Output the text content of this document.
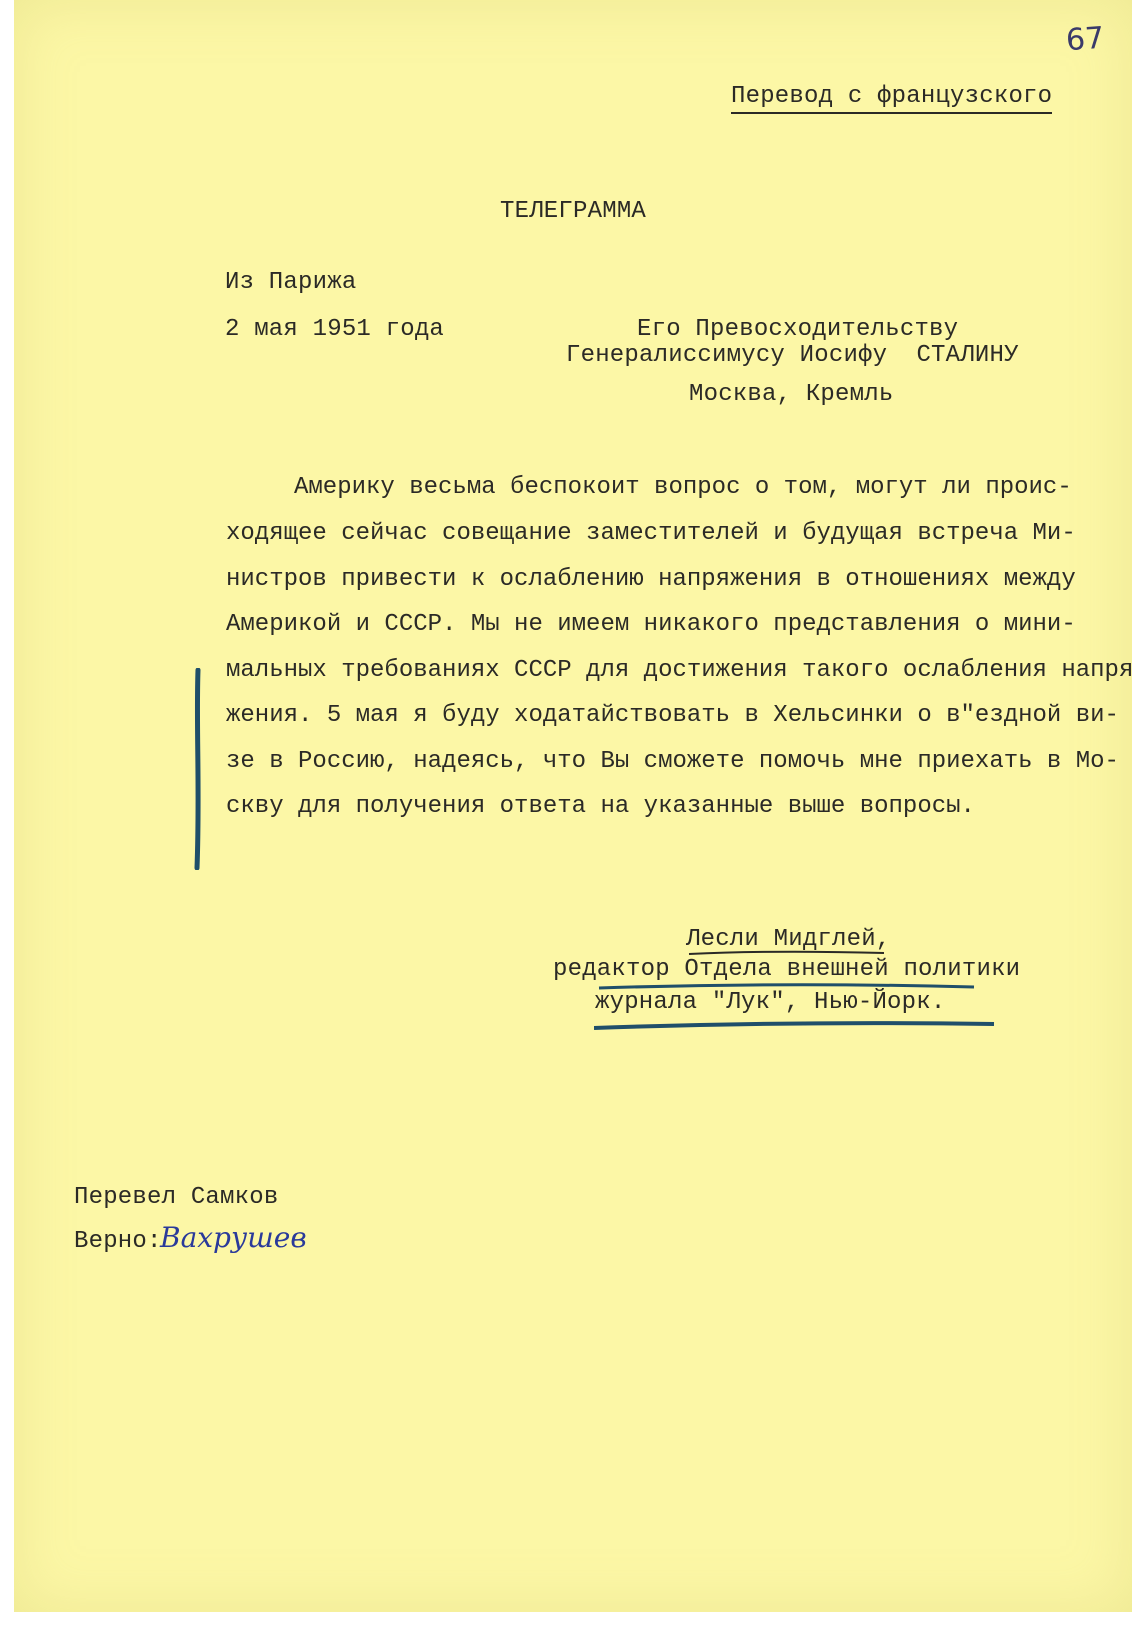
67
Перевод с французского
ТЕЛЕГРАММА
Из Парижа
2 мая 1951 года	Его Превосходительству
Генералиссимусу Иосифу  СТАЛИНУ
Москва, Кремль
Америку весьма беспокоит вопрос о том, могут ли проис-
ходящее сейчас совещание заместителей и будущая встреча Ми-
нистров привести к ослаблению напряжения в отношениях между
Америкой и СССР. Мы не имеем никакого представления о мини-
мальных требованиях СССР для достижения такого ослабления напря
жения. 5 мая я буду ходатайствовать в Хельсинки о в"ездной ви-
зе в Россию, надеясь, что Вы сможете помочь мне приехать в Мо-
скву для получения ответа на указанные выше вопросы.
Лесли Мидглей,
редактор Отдела внешней политики
журнала "Лук", Нью-Йорк.
Перевел Самков
Верно:
Вахрушев
